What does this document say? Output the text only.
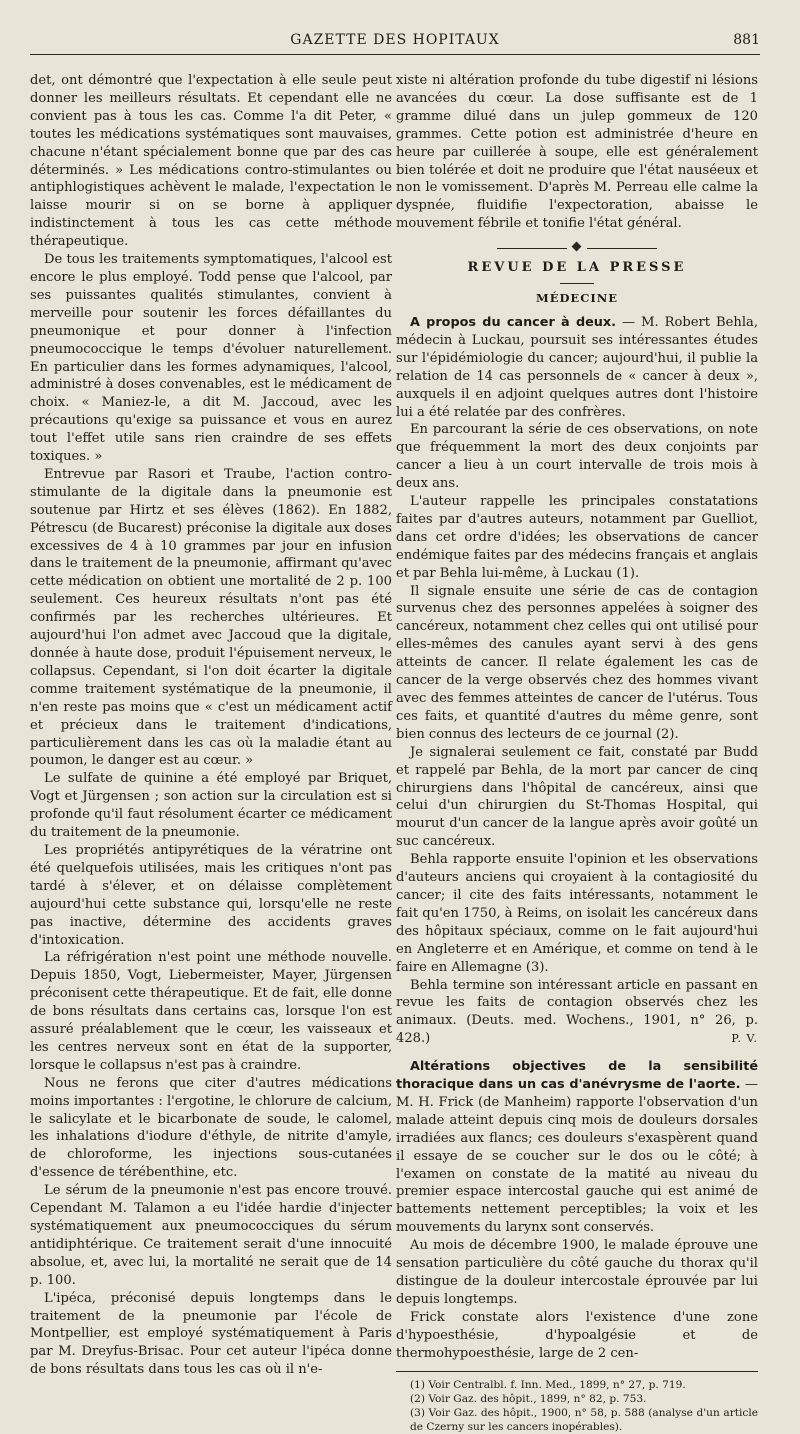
GAZETTE DES HOPITAUX	881

det, ont démontré que l'expectation à elle seule peut donner les meilleurs résultats. Et cependant elle ne convient pas à tous les cas. Comme l'a dit Peter, « toutes les médications systématiques sont mauvaises, chacune n'étant spécialement bonne que par des cas déterminés. » Les médications contro-stimulantes ou antiphlogistiques achèvent le malade, l'expectation le laisse mourir si on se borne à appliquer indistinctement à tous les cas cette méthode thérapeutique.

De tous les traitements symptomatiques, l'alcool est encore le plus employé. Todd pense que l'alcool, par ses puissantes qualités stimulantes, convient à merveille pour soutenir les forces défaillantes du pneumonique et pour donner à l'infection pneumococcique le temps d'évoluer naturellement. En particulier dans les formes adynamiques, l'alcool, administré à doses convenables, est le médicament de choix. « Maniez-le, a dit M. Jaccoud, avec les précautions qu'exige sa puissance et vous en aurez tout l'effet utile sans rien craindre de ses effets toxiques. »

Entrevue par Rasori et Traube, l'action contro-stimulante de la digitale dans la pneumonie est soutenue par Hirtz et ses élèves (1862). En 1882, Pétrescu (de Bucarest) préconise la digitale aux doses excessives de 4 à 10 grammes par jour en infusion dans le traitement de la pneumonie, affirmant qu'avec cette médication on obtient une mortalité de 2 p. 100 seulement. Ces heureux résultats n'ont pas été confirmés par les recherches ultérieures. Et aujourd'hui l'on admet avec Jaccoud que la digitale, donnée à haute dose, produit l'épuisement nerveux, le collapsus. Cependant, si l'on doit écarter la digitale comme traitement systématique de la pneumonie, il n'en reste pas moins que « c'est un médicament actif et précieux dans le traitement d'indications, particulièrement dans les cas où la maladie étant au poumon, le danger est au cœur. »

Le sulfate de quinine a été employé par Briquet, Vogt et Jürgensen ; son action sur la circulation est si profonde qu'il faut résolument écarter ce médicament du traitement de la pneumonie.

Les propriétés antipyrétiques de la vératrine ont été quelquefois utilisées, mais les critiques n'ont pas tardé à s'élever, et on délaisse complètement aujourd'hui cette substance qui, lorsqu'elle ne reste pas inactive, détermine des accidents graves d'intoxication.

La réfrigération n'est point une méthode nouvelle. Depuis 1850, Vogt, Liebermeister, Mayer, Jürgensen préconisent cette thérapeutique. Et de fait, elle donne de bons résultats dans certains cas, lorsque l'on est assuré préalablement que le cœur, les vaisseaux et les centres nerveux sont en état de la supporter, lorsque le collapsus n'est pas à craindre.

Nous ne ferons que citer d'autres médications moins importantes : l'ergotine, le chlorure de calcium, le salicylate et le bicarbonate de soude, le calomel, les inhalations d'iodure d'éthyle, de nitrite d'amyle, de chloroforme, les injections sous-cutanées d'essence de térébenthine, etc.

Le sérum de la pneumonie n'est pas encore trouvé. Cependant M. Talamon a eu l'idée hardie d'injecter systématiquement aux pneumococciques du sérum antidiphtérique. Ce traitement serait d'une innocuité absolue, et, avec lui, la mortalité ne serait que de 14 p. 100.

L'ipéca, préconisé depuis longtemps dans le traitement de la pneumonie par l'école de Montpellier, est employé systématiquement à Paris par M. Dreyfus-Brisac. Pour cet auteur l'ipéca donne de bons résultats dans tous les cas où il n'e-

xiste ni altération profonde du tube digestif ni lésions avancées du cœur. La dose suffisante est de 1 gramme dilué dans un julep gommeux de 120 grammes. Cette potion est administrée d'heure en heure par cuillerée à soupe, elle est généralement bien tolérée et doit ne produire que l'état nauséeux et non le vomissement. D'après M. Perreau elle calme la dyspnée, fluidifie l'expectoration, abaisse le mouvement fébrile et tonifie l'état général.

REVUE DE LA PRESSE
MÉDECINE

A propos du cancer à deux. — M. Robert Behla, médecin à Luckau, poursuit ses intéressantes études sur l'épidémiologie du cancer; aujourd'hui, il publie la relation de 14 cas personnels de « cancer à deux », auxquels il en adjoint quelques autres dont l'histoire lui a été relatée par des confrères.

En parcourant la série de ces observations, on note que fréquemment la mort des deux conjoints par cancer a lieu à un court intervalle de trois mois à deux ans.

L'auteur rappelle les principales constatations faites par d'autres auteurs, notamment par Guelliot, dans cet ordre d'idées; les observations de cancer endémique faites par des médecins français et anglais et par Behla lui-même, à Luckau (1).

Il signale ensuite une série de cas de contagion survenus chez des personnes appelées à soigner des cancéreux, notamment chez celles qui ont utilisé pour elles-mêmes des canules ayant servi à des gens atteints de cancer. Il relate également les cas de cancer de la verge observés chez des hommes vivant avec des femmes atteintes de cancer de l'utérus. Tous ces faits, et quantité d'autres du même genre, sont bien connus des lecteurs de ce journal (2).

Je signalerai seulement ce fait, constaté par Budd et rappelé par Behla, de la mort par cancer de cinq chirurgiens dans l'hôpital de cancéreux, ainsi que celui d'un chirurgien du St-Thomas Hospital, qui mourut d'un cancer de la langue après avoir goûté un suc cancéreux.

Behla rapporte ensuite l'opinion et les observations d'auteurs anciens qui croyaient à la contagiosité du cancer; il cite des faits intéressants, notamment le fait qu'en 1750, à Reims, on isolait les cancéreux dans des hôpitaux spéciaux, comme on le fait aujourd'hui en Angleterre et en Amérique, et comme on tend à le faire en Allemagne (3).

Behla termine son intéressant article en passant en revue les faits de contagion observés chez les animaux. (Deuts. med. Wochens., 1901, n° 26, p. 428.)	P. V.

Altérations objectives de la sensibilité thoracique dans un cas d'anévrysme de l'aorte. — M. H. Frick (de Manheim) rapporte l'observation d'un malade atteint depuis cinq mois de douleurs dorsales irradiées aux flancs; ces douleurs s'exaspèrent quand il essaye de se coucher sur le dos ou le côté; à l'examen on constate de la matité au niveau du premier espace intercostal gauche qui est animé de battements nettement perceptibles; la voix et les mouvements du larynx sont conservés.

Au mois de décembre 1900, le malade éprouve une sensation particulière du côté gauche du thorax qu'il distingue de la douleur intercostale éprouvée par lui depuis longtemps.

Frick constate alors l'existence d'une zone d'hypoesthésie, d'hypoalgésie et de thermohypoesthésie, large de 2 cen-

(1) Voir Centralbl. f. Inn. Med., 1899, n° 27, p. 719.
(2) Voir Gaz. des hôpit., 1899, n° 82, p. 753.
(3) Voir Gaz. des hôpit., 1900, n° 58, p. 588 (analyse d'un article de Czerny sur les cancers inopérables).
